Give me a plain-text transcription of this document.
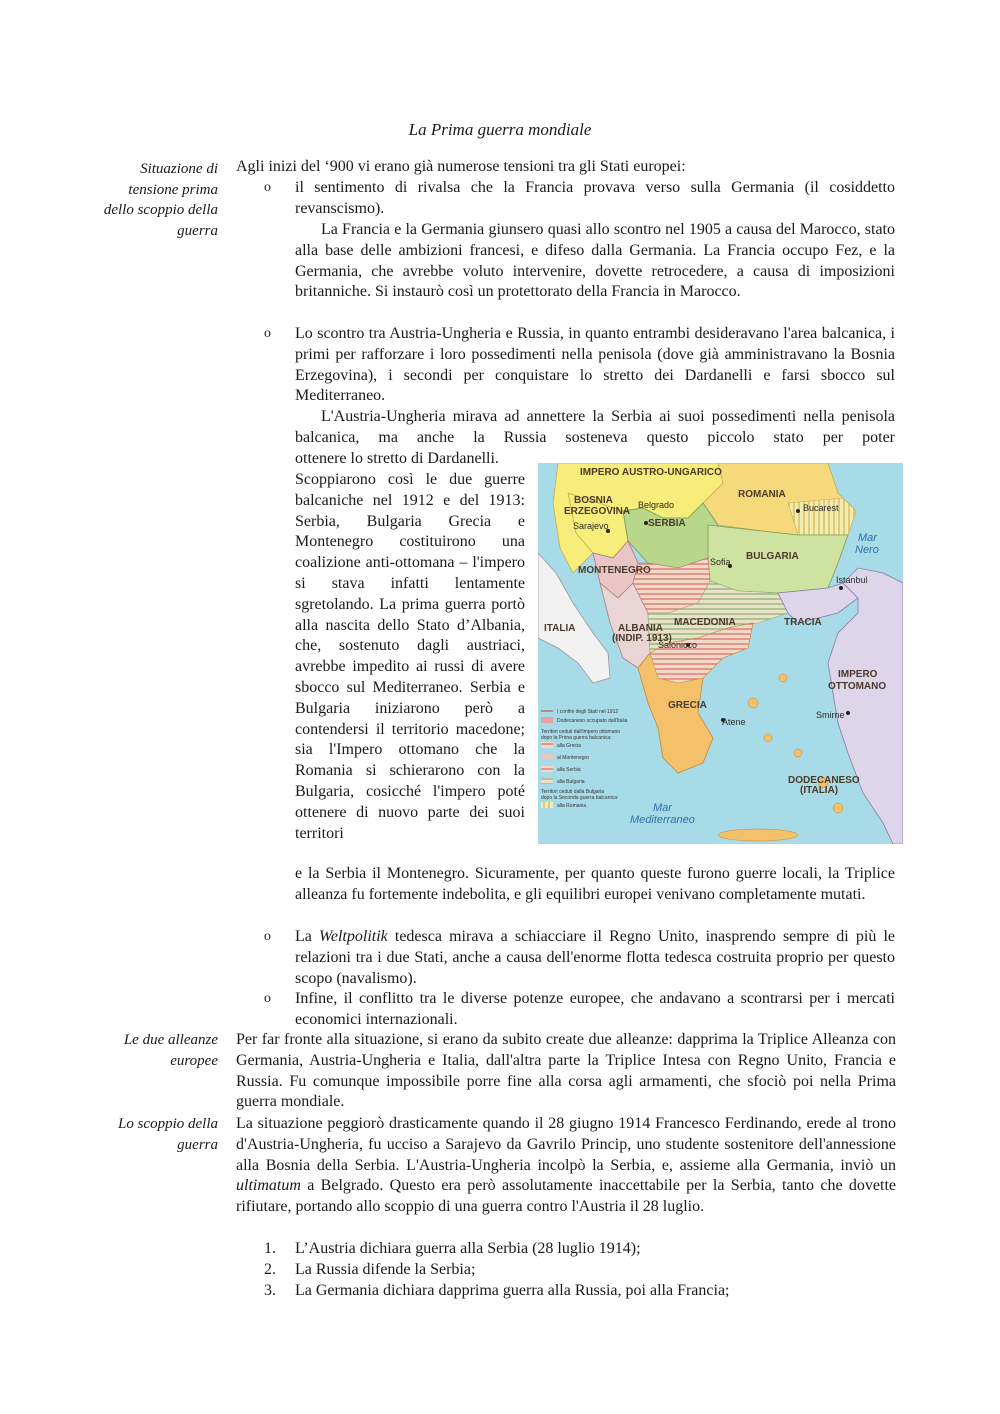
La Prima guerra mondiale
Situazione di
tensione prima
dello scoppio della
guerra
Le due alleanze
europee
Lo scoppio della
guerra
Agli inizi del ‘900 vi erano già numerose tensioni tra gli Stati europei:
o il sentimento di rivalsa che la Francia provava verso sulla Germania (il cosiddetto revanscismo).
La Francia e la Germania giunsero quasi allo scontro nel 1905 a causa del Marocco, stato alla base delle ambizioni francesi, e difeso dalla Germania. La Francia occupo Fez, e la Germania, che avrebbe voluto intervenire, dovette retrocedere, a causa di imposizioni britanniche. Si instaurò così un protettorato della Francia in Marocco.
o Lo scontro tra Austria-Ungheria e Russia, in quanto entrambi desideravano l'area balcanica, i primi per rafforzare i loro possedimenti nella penisola (dove già amministravano la Bosnia Erzegovina), i secondi per conquistare lo stretto dei Dardanelli e farsi sbocco sul Mediterraneo.
L'Austria-Ungheria mirava ad annettere la Serbia ai suoi possedimenti nella penisola balcanica, ma anche la Russia sosteneva questo piccolo stato per poter
ottenere lo stretto di Dardanelli.
Scoppiarono così le due guerre balcaniche nel 1912 e del 1913: Serbia, Bulgaria Grecia e Montenegro costituirono una coalizione anti-ottomana – l'impero si stava infatti lentamente sgretolando. La prima guerra portò alla nascita dello Stato d’Albania, che, sostenuto dagli austriaci, avrebbe impedito ai russi di avere sbocco sul Mediterraneo. Serbia e Bulgaria iniziarono però a contendersi il territorio macedone; sia l'Impero ottomano che la Romania si schierarono con la Bulgaria, cosicché l'impero poté ottenere di nuovo parte dei suoi territori
e la Serbia il Montenegro. Sicuramente, per quanto queste furono guerre locali, la Triplice alleanza fu fortemente indebolita, e gli equilibri europei venivano completamente mutati.
o La Weltpolitik tedesca mirava a schiacciare il Regno Unito, inasprendo sempre di più le relazioni tra i due Stati, anche a causa dell'enorme flotta tedesca costruita proprio per questo scopo (navalismo).
o Infine, il conflitto tra le diverse potenze europee, che andavano a scontrarsi per i mercati economici internazionali.
Per far fronte alla situazione, si erano da subito create due alleanze: dapprima la Triplice Alleanza con Germania, Austria-Ungheria e Italia, dall'altra parte la Triplice Intesa con Regno Unito, Francia e Russia. Fu comunque impossibile porre fine alla corsa agli armamenti, che sfociò poi nella Prima guerra mondiale.
La situazione peggiorò drasticamente quando il 28 giugno 1914 Francesco Ferdinando, erede al trono d'Austria-Ungheria, fu ucciso a Sarajevo da Gavrilo Princip, uno studente sostenitore dell'annessione alla Bosnia della Serbia. L'Austria-Ungheria incolpò la Serbia, e, assieme alla Germania, inviò un ultimatum a Belgrado. Questo era però assolutamente inaccettabile per la Serbia, tanto che dovette rifiutare, portando allo scoppio di una guerra contro l'Austria il 28 luglio.
1. L’Austria dichiara guerra alla Serbia (28 luglio 1914);
2. La Russia difende la Serbia;
3. La Germania dichiara dapprima guerra alla Russia, poi alla Francia;
IMPERO AUSTRO-UNGARICO
BOSNIA
ERZEGOVINA
SERBIA
ROMANIA
BULGARIA
MONTENEGRO
ALBANIA
(INDIP. 1913)
MACEDONIA	TRACIA
ITALIA
GRECIA
IMPERO
OTTOMANO
DODECANESO
(ITALIA)
Belgrado
Sarajevo
Bucarest
Sofia
Istanbul
Salonicco
Atene
Smirne
Mar
Nero
Mar
Mediterraneo
I confini degli Stati nel 1912
Dodecaneso occupato dall'Italia
Territori ceduti dall'impero ottomano
dopo la Prima guerra balcanica:
alla Grecia
al Montenegro
alla Serbia
alla Bulgaria
Territori ceduti dalla Bulgaria
dopo la Seconda guerra balcanica:
alla Romania
